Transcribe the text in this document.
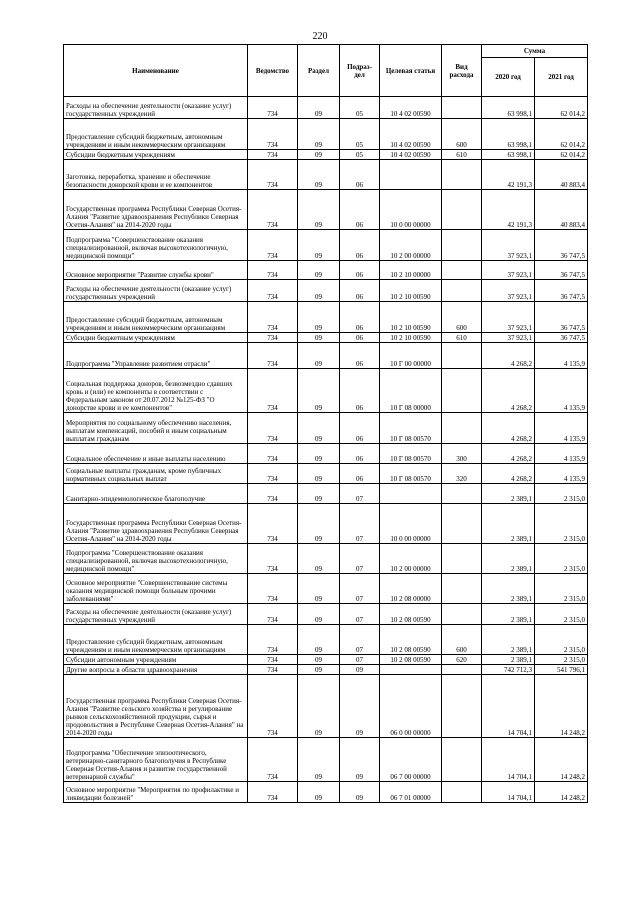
220
Наименование	Ведомство	Раздел	Подраз-дел	Целевая статья	Вид расхода	Сумма	
						2020 год	2021 год
Расходы на обеспечение деятельности (оказание услуг) государственных учреждений	734	09	05	10 4 02 00590		63 998,1	62 014,2
Предоставление субсидий бюджетным, автономным учреждениям и иным некоммерческим организациям	734	09	05	10 4 02 00590	600	63 998,1	62 014,2
Субсидии бюджетным учреждениям	734	09	05	10 4 02 00590	610	63 998,1	62 014,2
Заготовка, переработка, хранение и обеспечение безопасности донорской крови и ее компонентов	734	09	06			42 191,3	40 883,4
Государственная программа Республики Северная Осетия-Алания "Развитие здравоохранения Республики Северная Осетия-Алания" на 2014-2020 годы	734	09	06	10 0 00 00000		42 191,3	40 883,4
Подпрограмма "Совершенствование оказания специализированной, включая высокотехнологичную, медицинской помощи"	734	09	06	10 2 00 00000		37 923,1	36 747,5
Основное мероприятие "Развитие службы крови"	734	09	06	10 2 10 00000		37 923,1	36 747,5
Расходы на обеспечение деятельности (оказание услуг) государственных учреждений	734	09	06	10 2 10 00590		37 923,1	36 747,5
Предоставление субсидий бюджетным, автономным учреждениям и иным некоммерческим организациям	734	09	06	10 2 10 00590	600	37 923,1	36 747,5
Субсидии бюджетным учреждениям	734	09	06	10 2 10 00590	610	37 923,1	36 747,5
Подпрограмма "Управление развитием отрасли"	734	09	06	10 Г 00 00000		4 268,2	4 135,9
Социальная поддержка доноров, безвозмездно сдавших кровь и (или) ее компоненты в соответствии с Федеральным законом от 20.07.2012 №125-ФЗ "О донорстве крови и ее компонентов"	734	09	06	10 Г 08 00000		4 268,2	4 135,9
Мероприятия по социальному обеспечению населения, выплатам компенсаций, пособий и иным социальным выплатам гражданам	734	09	06	10 Г 08 00570		4 268,2	4 135,9
Социальное обеспечение и иные выплаты населению	734	09	06	10 Г 08 00570	300	4 268,2	4 135,9
Социальные выплаты гражданам, кроме публичных нормативных социальных выплат	734	09	06	10 Г 08 00570	320	4 268,2	4 135,9
Санитарно-эпидемиологическое благополучие	734	09	07			2 389,1	2 315,0
Государственная программа Республики Северная Осетия-Алания "Развитие здравоохранения Республики Северная Осетия-Алания" на 2014-2020 годы	734	09	07	10 0 00 00000		2 389,1	2 315,0
Подпрограмма "Совершенствование оказания специализированной, включая высокотехнологичную, медицинской помощи"	734	09	07	10 2 00 00000		2 389,1	2 315,0
Основное мероприятие "Совершенствование системы оказания медицинской помощи больным прочими заболеваниями"	734	09	07	10 2 08 00000		2 389,1	2 315,0
Расходы на обеспечение деятельности (оказание услуг) государственных учреждений	734	09	07	10 2 08 00590		2 389,1	2 315,0
Предоставление субсидий бюджетным, автономным учреждениям и иным некоммерческим организациям	734	09	07	10 2 08 00590	600	2 389,1	2 315,0
Субсидии автономным учреждениям	734	09	07	10 2 08 00590	620	2 389,1	2 315,0
Другие вопросы в области здравоохранения	734	09	09			742 712,3	541 796,1
Государственная программа Республики Северная Осетия-Алания "Развитие сельского хозяйства и регулирование рынков сельскохозяйственной продукции, сырья и продовольствия в Республике Северная Осетия-Алания" на 2014-2020 годы	734	09	09	06 0 00 00000		14 704,1	14 248,2
Подпрограмма "Обеспечение эпизоотического, ветеринарно-санитарного благополучия в Республике Северная Осетия-Алания и развитие государственной ветеринарной службы"	734	09	09	06 7 00 00000		14 704,1	14 248,2
Основное мероприятие "Мероприятия по профилактике и ликвидации болезней"	734	09	09	06 7 01 00000		14 704,1	14 248,2
